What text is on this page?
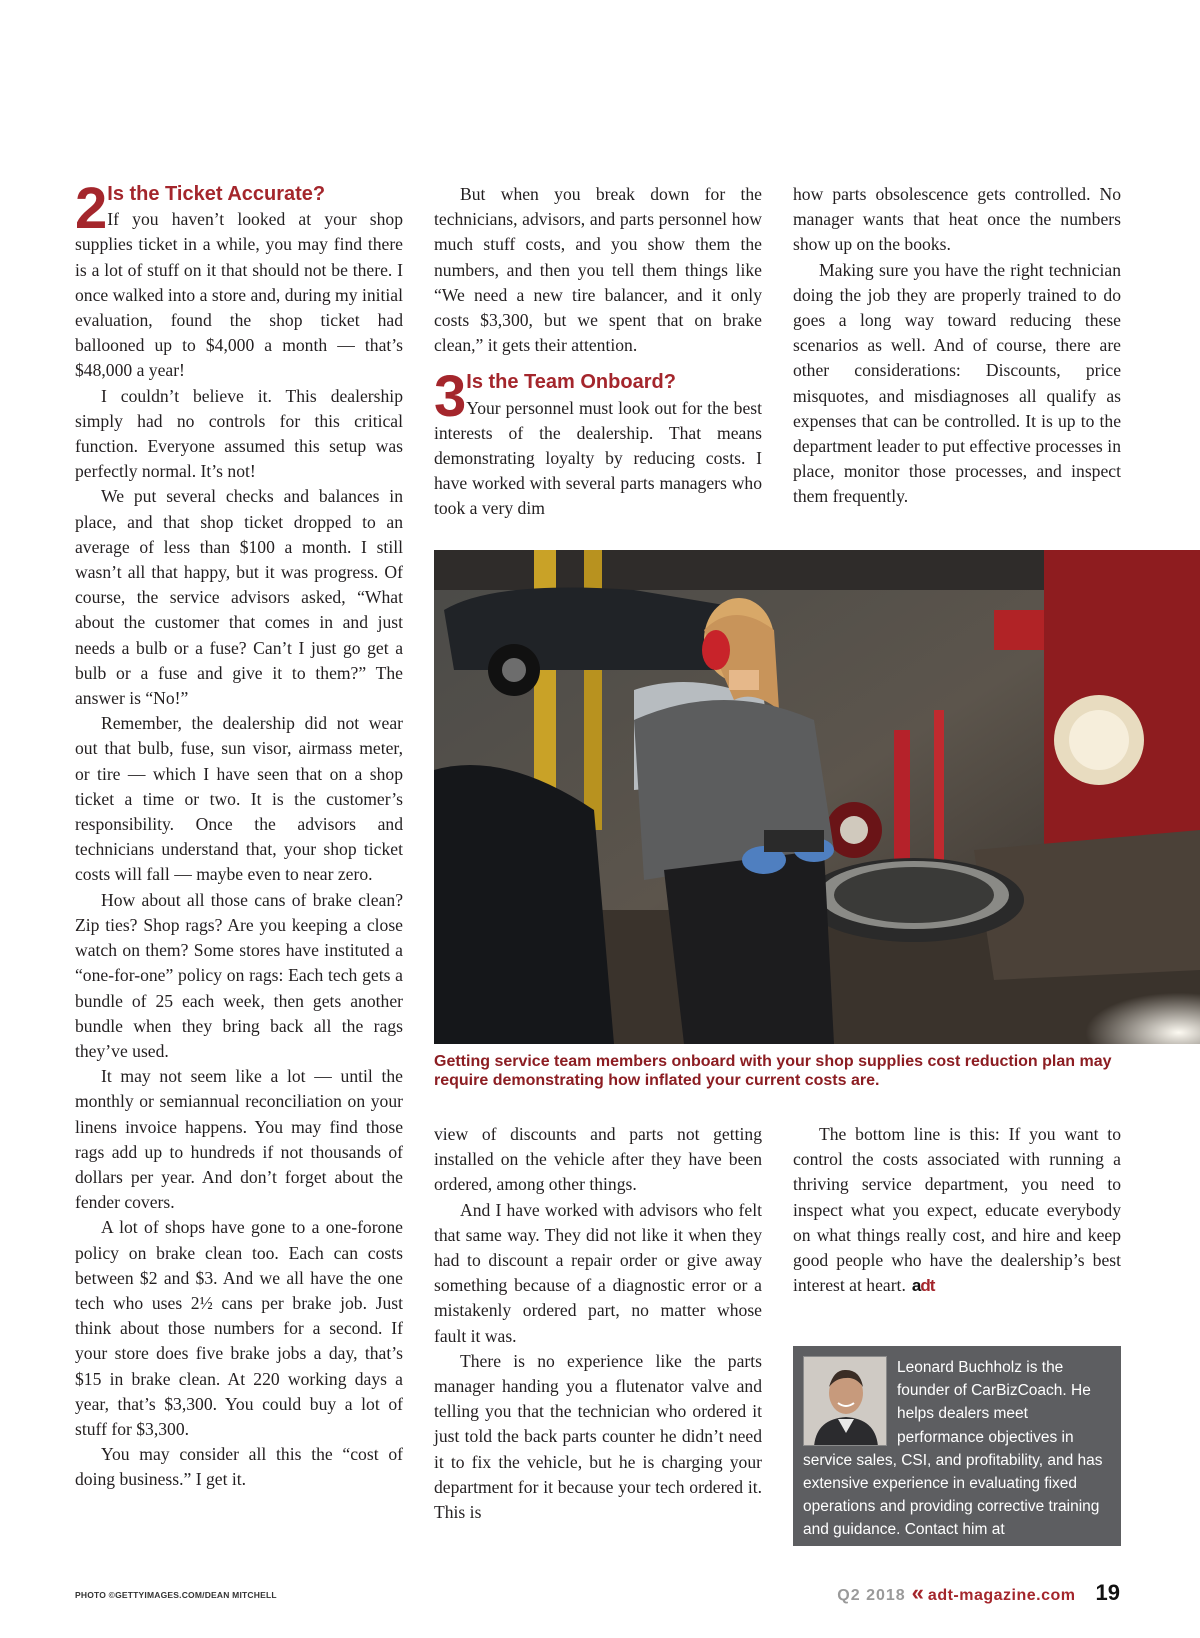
2 Is the Ticket Accurate?

If you haven’t looked at your shop supplies ticket in a while, you may find there is a lot of stuff on it that should not be there. I once walked into a store and, during my initial evaluation, found the shop ticket had ballooned up to $4,000 a month — that’s $48,000 a year!

I couldn’t believe it. This dealership simply had no controls for this critical function. Everyone assumed this setup was perfectly normal. It’s not!

We put several checks and balances in place, and that shop ticket dropped to an average of less than $100 a month. I still wasn’t all that happy, but it was progress. Of course, the service advisors asked, “What about the customer that comes in and just needs a bulb or a fuse? Can’t I just go get a bulb or a fuse and give it to them?” The answer is “No!”

Remember, the dealership did not wear out that bulb, fuse, sun visor, airmass meter, or tire — which I have seen that on a shop ticket a time or two. It is the customer’s responsibility. Once the advisors and technicians understand that, your shop ticket costs will fall — maybe even to near zero.

How about all those cans of brake clean? Zip ties? Shop rags? Are you keeping a close watch on them? Some stores have instituted a “one-for-one” policy on rags: Each tech gets a bundle of 25 each week, then gets another bundle when they bring back all the rags they’ve used.

It may not seem like a lot — until the monthly or semiannual reconciliation on your linens invoice happens. You may find those rags add up to hundreds if not thousands of dollars per year. And don’t forget about the fender covers.

A lot of shops have gone to a one-forone policy on brake clean too. Each can costs between $2 and $3. And we all have the one tech who uses 2½ cans per brake job. Just think about those numbers for a second. If your store does five brake jobs a day, that’s $15 in brake clean. At 220 working days a year, that’s $3,300. You could buy a lot of stuff for $3,300.

You may consider all this the “cost of doing business.” I get it.

But when you break down for the technicians, advisors, and parts personnel how much stuff costs, and you show them the numbers, and then you tell them things like “We need a new tire balancer, and it only costs $3,300, but we spent that on brake clean,” it gets their attention.

3 Is the Team Onboard?

Your personnel must look out for the best interests of the dealership. That means demonstrating loyalty by reducing costs. I have worked with several parts managers who took a very dim

how parts obsolescence gets controlled. No manager wants that heat once the numbers show up on the books.

Making sure you have the right technician doing the job they are properly trained to do goes a long way toward reducing these scenarios as well. And of course, there are other considerations: Discounts, price misquotes, and misdiagnoses all qualify as expenses that can be controlled. It is up to the department leader to put effective processes in place, monitor those processes, and inspect them frequently.

Getting service team members onboard with your shop supplies cost reduction plan may require demonstrating how inflated your current costs are.

view of discounts and parts not getting installed on the vehicle after they have been ordered, among other things.

And I have worked with advisors who felt that same way. They did not like it when they had to discount a repair order or give away something because of a diagnostic error or a mistakenly ordered part, no matter whose fault it was.

There is no experience like the parts manager handing you a flutenator valve and telling you that the technician who ordered it just told the back parts counter he didn’t need it to fix the vehicle, but he is charging your department for it because your tech ordered it. This is

The bottom line is this: If you want to control the costs associated with running a thriving service department, you need to inspect what you expect, educate everybody on what things really cost, and hire and keep good people who have the dealership’s best interest at heart. adt

Leonard Buchholz is the founder of CarBizCoach. He helps dealers meet performance objectives in service sales, CSI, and profitability, and has extensive experience in evaluating fixed operations and providing corrective training and guidance. Contact him at leonard.buchholz@bobit.com.
PHOTO ©GETTYIMAGES.COM/DEAN MITCHELL	Q2 2018 « adt-magazine.com 19
